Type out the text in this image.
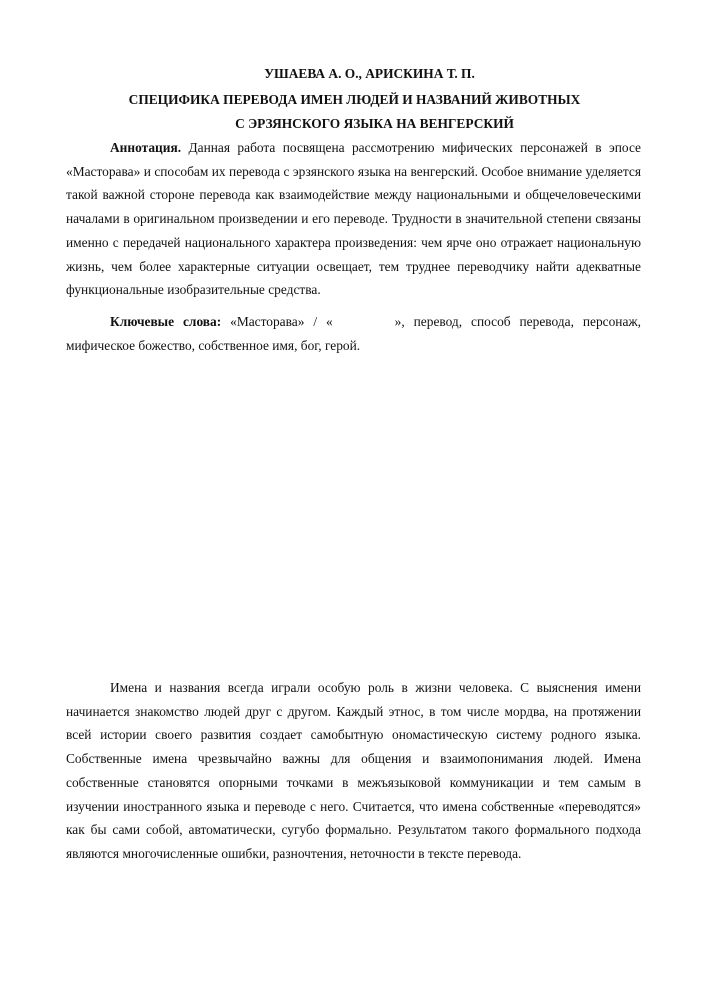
УШАЕВА А. О., АРИСКИНА Т. П.
СПЕЦИФИКА ПЕРЕВОДА ИМЕН ЛЮДЕЙ И НАЗВАНИЙ ЖИВОТНЫХ
С ЭРЗЯНСКОГО ЯЗЫКА НА ВЕНГЕРСКИЙ

Аннотация. Данная работа посвящена рассмотрению мифических персонажей в эпосе «Масторава» и способам их перевода с эрзянского языка на венгерский. Особое внимание уделяется такой важной стороне перевода как взаимодействие между национальными и общечеловеческими началами в оригинальном произведении и его переводе. Трудности в значительной степени связаны именно с передачей национального характера произведения: чем ярче оно отражает национальную жизнь, чем более характерные ситуации освещает, тем труднее переводчику найти адекватные функциональные изобразительные средства.

Ключевые слова: «Масторава» / «	», перевод, способ перевода, персонаж, мифическое божество, собственное имя, бог, герой.

Имена и названия всегда играли особую роль в жизни человека. С выяснения имени начинается знакомство людей друг с другом. Каждый этнос, в том числе мордва, на протяжении всей истории своего развития создает самобытную ономастическую систему родного языка. Собственные имена чрезвычайно важны для общения и взаимопонимания людей. Имена собственные становятся опорными точками в межъязыковой коммуникации и тем самым в изучении иностранного языка и переводе с него. Считается, что имена собственные «переводятся» как бы сами собой, автоматически, сугубо формально. Результатом такого формального подхода являются многочисленные ошибки, разночтения, неточности в тексте перевода.
